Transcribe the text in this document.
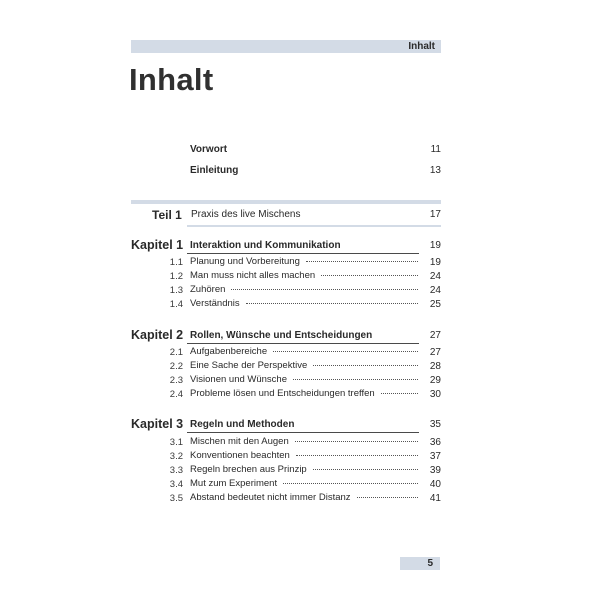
Inhalt
Inhalt
Vorwort	11
Einleitung	13
Teil 1 Praxis des live Mischens	17
Kapitel 1 Interaktion und Kommunikation	19
1.1 Planung und Vorbereitung	19
1.2 Man muss nicht alles machen	24
1.3 Zuhören	24
1.4 Verständnis	25
Kapitel 2 Rollen, Wünsche und Entscheidungen	27
2.1 Aufgabenbereiche	27
2.2 Eine Sache der Perspektive	28
2.3 Visionen und Wünsche	29
2.4 Probleme lösen und Entscheidungen treffen	30
Kapitel 3 Regeln und Methoden	35
3.1 Mischen mit den Augen	36
3.2 Konventionen beachten	37
3.3 Regeln brechen aus Prinzip	39
3.4 Mut zum Experiment	40
3.5 Abstand bedeutet nicht immer Distanz	41
5
